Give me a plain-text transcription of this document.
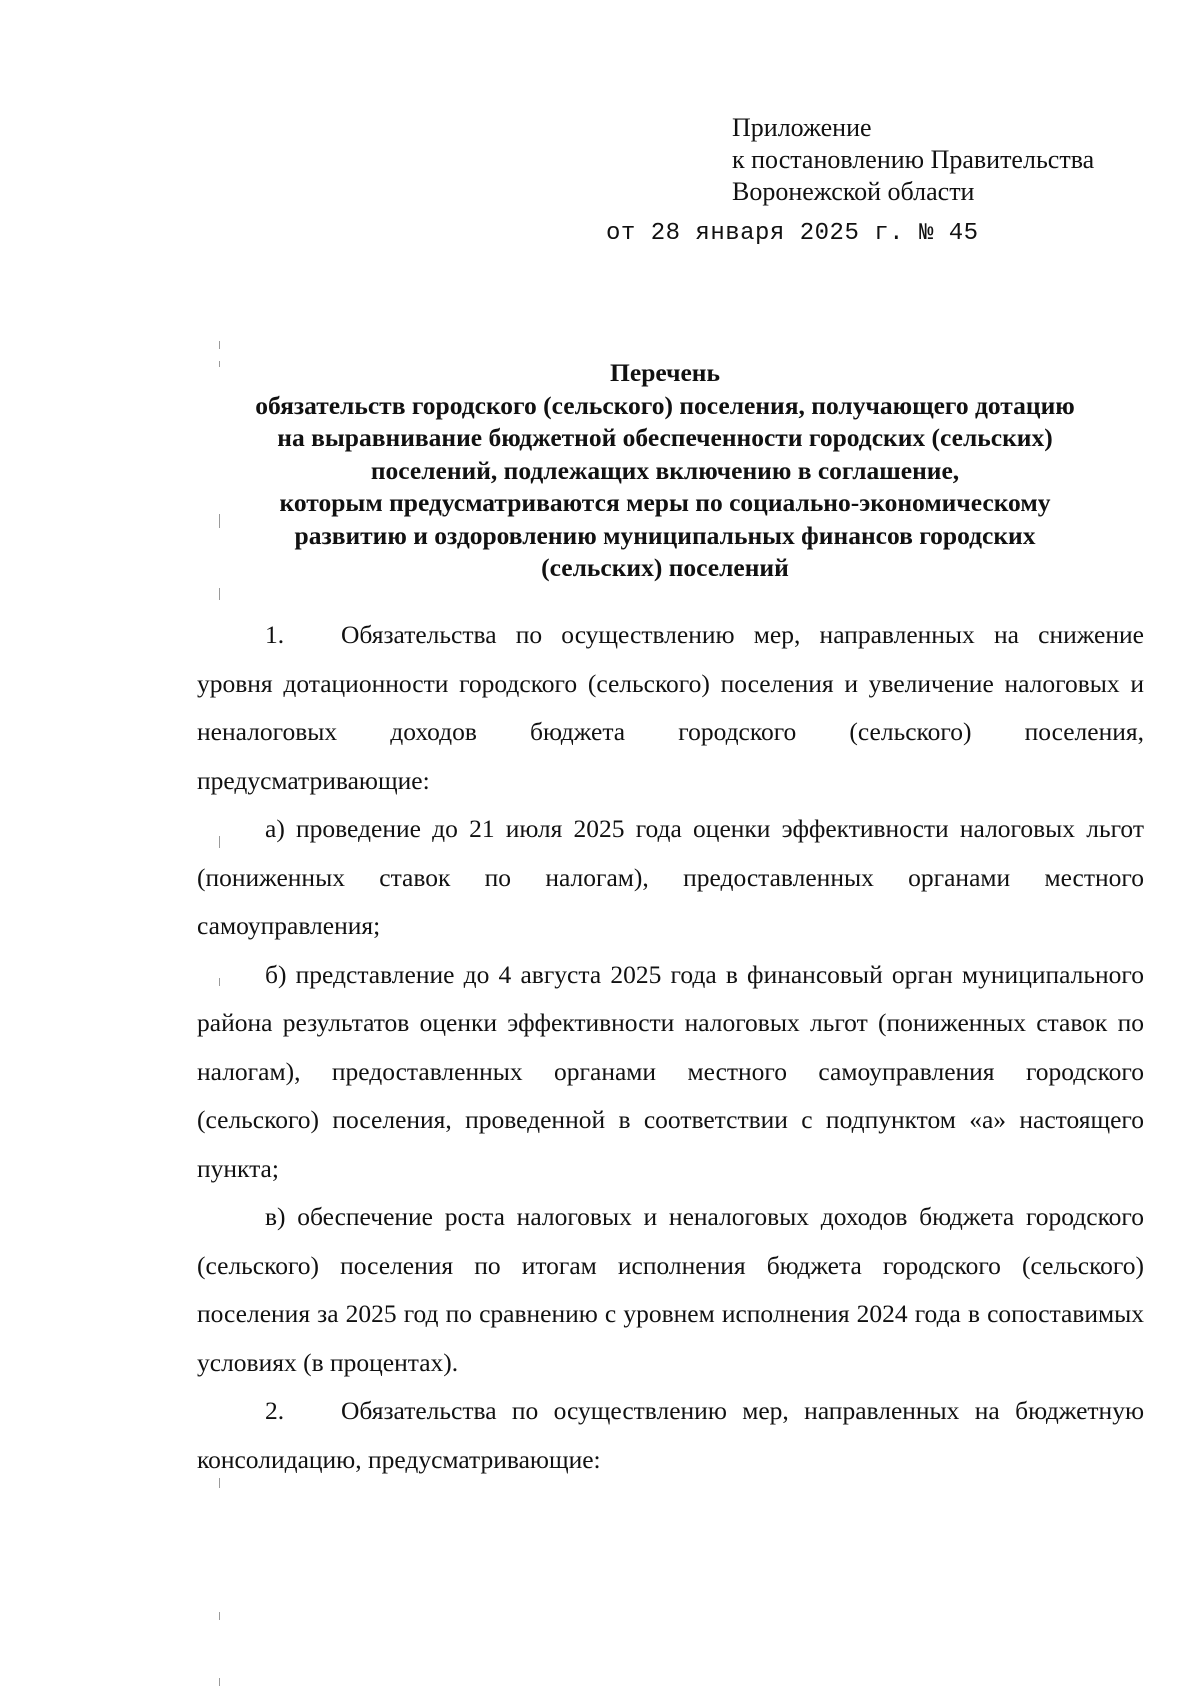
Приложение
к постановлению Правительства
Воронежской области
от 28 января 2025 г. № 45
Перечень
обязательств городского (сельского) поселения, получающего дотацию
на выравнивание бюджетной обеспеченности городских (сельских)
поселений, подлежащих включению в соглашение,
которым предусматриваются меры по социально-экономическому
развитию и оздоровлению муниципальных финансов городских
(сельских) поселений

1. Обязательства по осуществлению мер, направленных на снижение уровня дотационности городского (сельского) поселения и увеличение налоговых и неналоговых доходов бюджета городского (сельского) поселения, предусматривающие:

а) проведение до 21 июля 2025 года оценки эффективности налоговых льгот (пониженных ставок по налогам), предоставленных органами местного самоуправления;

б) представление до 4 августа 2025 года в финансовый орган муниципального района результатов оценки эффективности налоговых льгот (пониженных ставок по налогам), предоставленных органами местного самоуправления городского (сельского) поселения, проведенной в соответствии с подпунктом «а» настоящего пункта;

в) обеспечение роста налоговых и неналоговых доходов бюджета городского (сельского) поселения по итогам исполнения бюджета городского (сельского) поселения за 2025 год по сравнению с уровнем исполнения 2024 года в сопоставимых условиях (в процентах).

2. Обязательства по осуществлению мер, направленных на бюджетную консолидацию, предусматривающие:
